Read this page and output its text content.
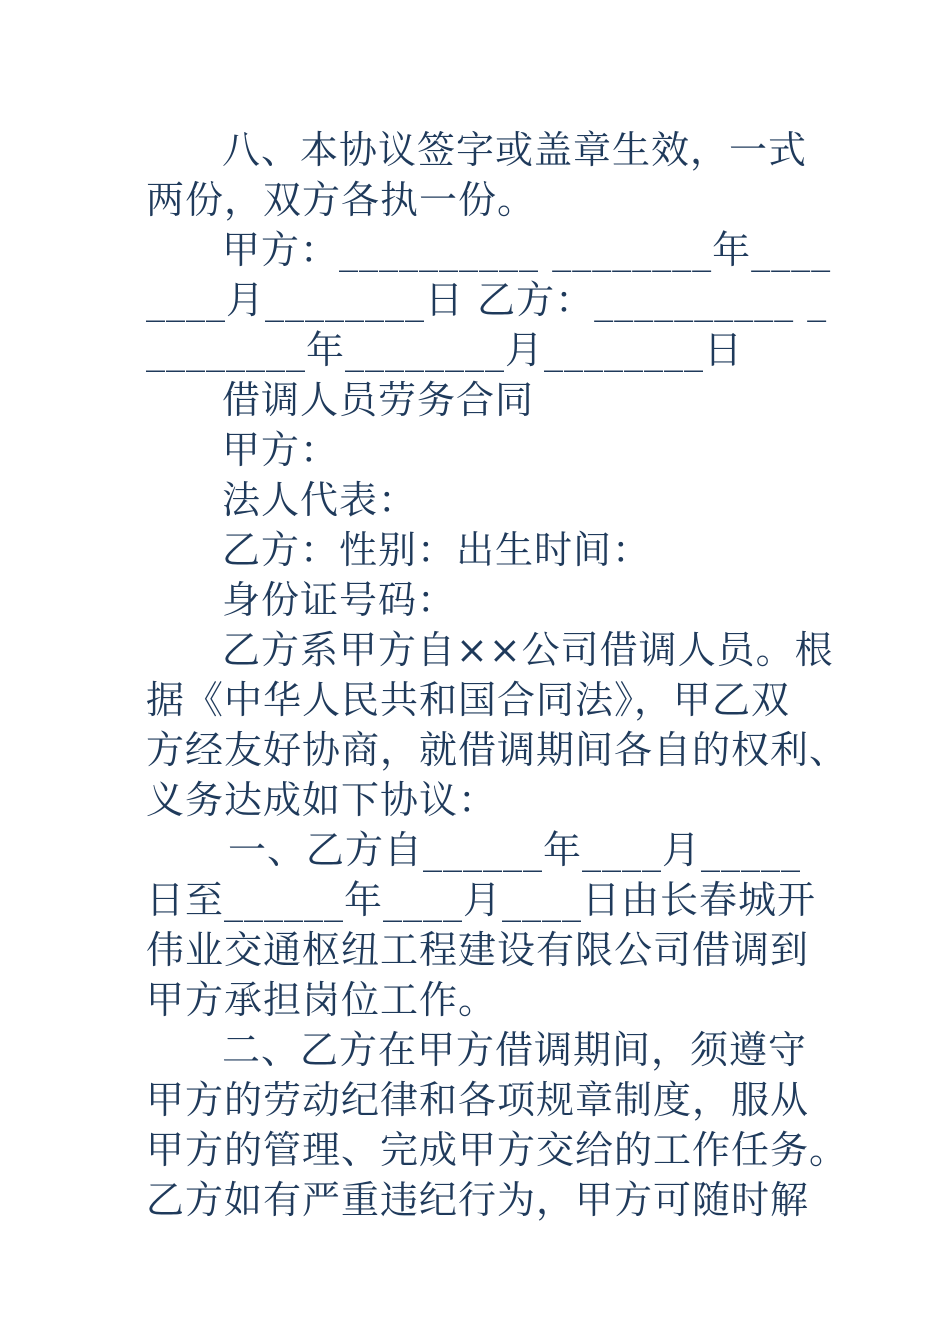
八、本协议签字或盖章生效，一式
两份，双方各执一份。
甲方：__________ ________年____
____月________日 乙方：__________ _
________年________月________日
借调人员劳务合同
甲方：
法人代表：
乙方：性别：出生时间：
身份证号码：
乙方系甲方自××公司借调人员。根
据《中华人民共和国合同法》，甲乙双
方经友好协商，就借调期间各自的权利、
义务达成如下协议：
一、乙方自______年____月_____
日至______年____月____日由长春城开
伟业交通枢纽工程建设有限公司借调到
甲方承担岗位工作。
二、乙方在甲方借调期间，须遵守
甲方的劳动纪律和各项规章制度，服从
甲方的管理、完成甲方交给的工作任务。
乙方如有严重违纪行为，甲方可随时解
